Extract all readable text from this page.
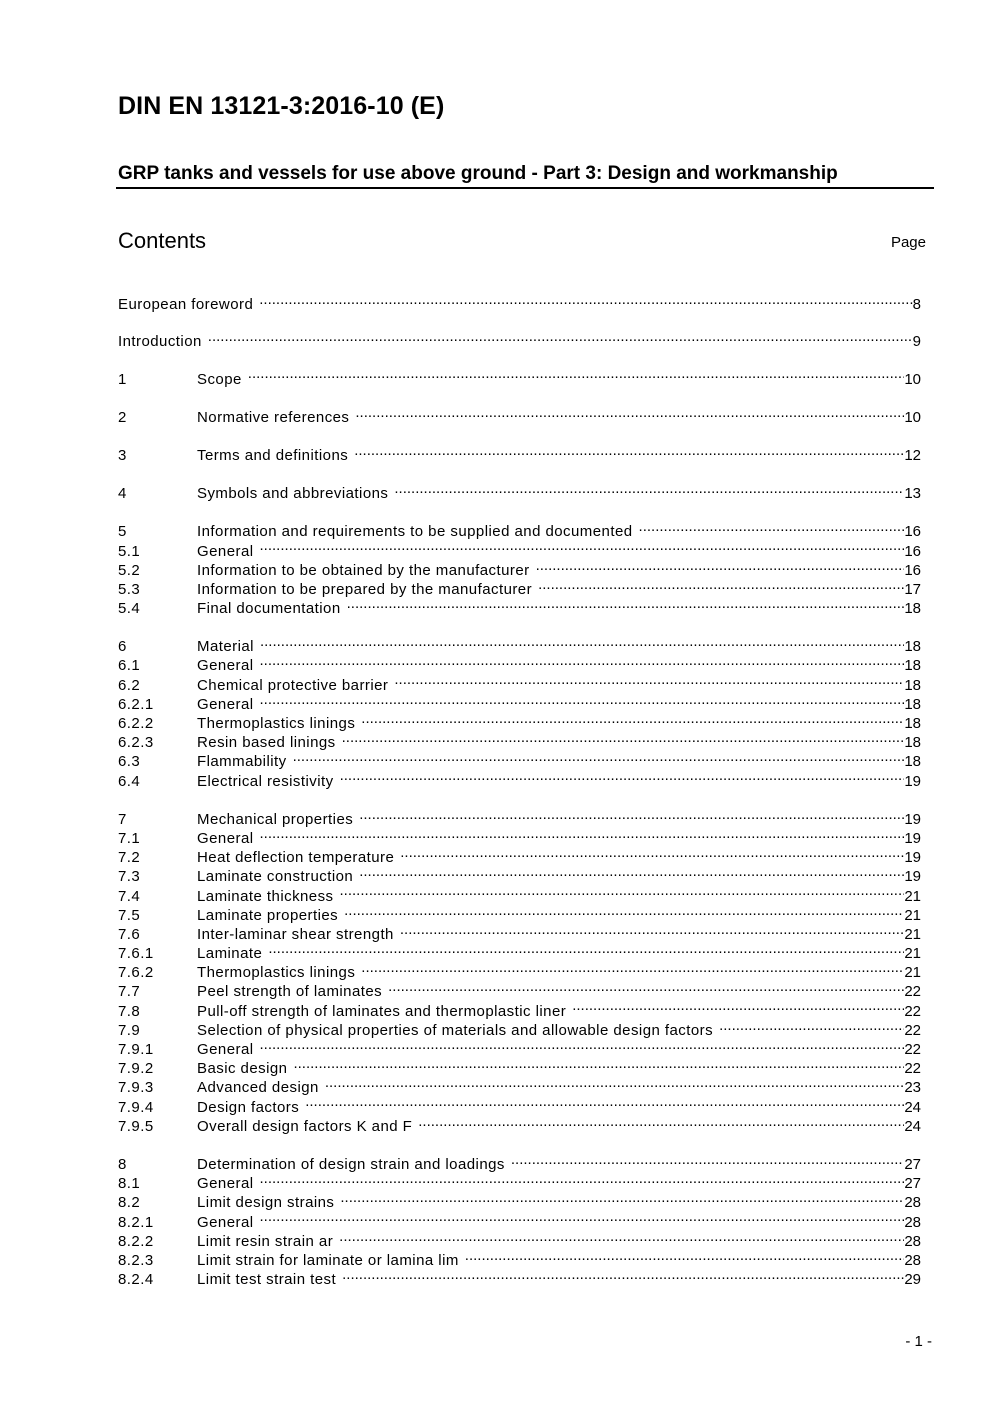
DIN EN 13121-3:2016-10 (E)
GRP tanks and vessels for use above ground - Part 3: Design and workmanship
Contents	Page
European foreword .....	8
Introduction .....	9
1	Scope .....	10
2	Normative references .....	10
3	Terms and definitions .....	12
4	Symbols and abbreviations .....	13
5	Information and requirements to be supplied and documented .....	16
5.1	General .....	16
5.2	Information to be obtained by the manufacturer .....	16
5.3	Information to be prepared by the manufacturer .....	17
5.4	Final documentation .....	18
6	Material .....	18
6.1	General .....	18
6.2	Chemical protective barrier .....	18
6.2.1	General .....	18
6.2.2	Thermoplastics linings .....	18
6.2.3	Resin based linings .....	18
6.3	Flammability .....	18
6.4	Electrical resistivity .....	19
7	Mechanical properties .....	19
7.1	General .....	19
7.2	Heat deflection temperature .....	19
7.3	Laminate construction .....	19
7.4	Laminate thickness .....	21
7.5	Laminate properties .....	21
7.6	Inter-laminar shear strength .....	21
7.6.1	Laminate .....	21
7.6.2	Thermoplastics linings .....	21
7.7	Peel strength of laminates .....	22
7.8	Pull-off strength of laminates and thermoplastic liner .....	22
7.9	Selection of physical properties of materials and allowable design factors .....	22
7.9.1	General .....	22
7.9.2	Basic design .....	22
7.9.3	Advanced design .....	23
7.9.4	Design factors .....	24
7.9.5	Overall design factors K and F .....	24
8	Determination of design strain and loadings .....	27
8.1	General .....	27
8.2	Limit design strains .....	28
8.2.1	General .....	28
8.2.2	Limit resin strain ar .....	28
8.2.3	Limit strain for laminate or lamina lim .....	28
8.2.4	Limit test strain test .....	29
- 1 -
